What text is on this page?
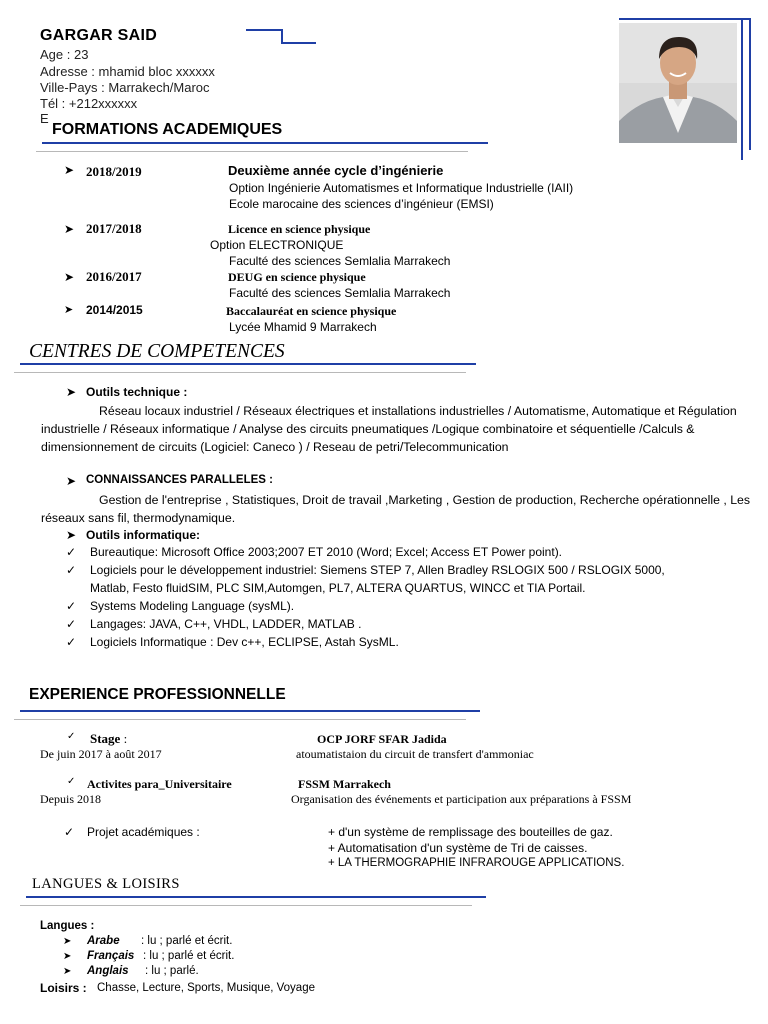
GARGAR SAID
Age : 23
Adresse : mhamid bloc xxxxxx
Ville-Pays : Marrakech/Maroc
Tél : +212xxxxxx
E
FORMATIONS ACADEMIQUES
➤ 2018/2019	Deuxième année cycle d’ingénierie
Option Ingénierie Automatismes et Informatique Industrielle (IAII)
Ecole marocaine des sciences d’ingénieur (EMSI)
➤ 2017/2018	Licence en science physique
Option ELECTRONIQUE
Faculté des sciences Semlalia Marrakech
➤ 2016/2017	DEUG en science physique
Faculté des sciences Semlalia Marrakech
➤ 2014/2015	Baccalauréat en science physique
Lycée Mhamid 9 Marrakech
CENTRES DE COMPETENCES
➤ Outils technique :
Réseau locaux industriel / Réseaux électriques et installations industrielles / Automatisme, Automatique et Régulation industrielle / Réseaux informatique / Analyse des circuits pneumatiques /Logique combinatoire et séquentielle /Calculs & dimensionnement de circuits (Logiciel: Caneco ) / Reseau de petri/Telecommunication
➤ CONNAISSANCES PARALLELES :
Gestion de l'entreprise , Statistiques, Droit de travail ,Marketing , Gestion de production, Recherche opérationnelle , Les réseaux sans fil, thermodynamique.
➤ Outils informatique:
✓ Bureautique: Microsoft Office 2003;2007 ET 2010 (Word; Excel; Access ET Power point).
✓ Logiciels pour le développement industriel: Siemens STEP 7, Allen Bradley RSLOGIX 500 / RSLOGIX 5000,
Matlab, Festo fluidSIM, PLC SIM,Automgen, PL7, ALTERA QUARTUS, WINCC et TIA Portail.
✓ Systems Modeling Language (sysML).
✓ Langages: JAVA, C++, VHDL, LADDER, MATLAB .
✓ Logiciels Informatique : Dev c++, ECLIPSE, Astah SysML.
EXPERIENCE PROFESSIONNELLE
✓ Stage :	OCP JORF SFAR Jadida
De juin 2017 à août 2017	atoumatistaion du circuit de transfert d'ammoniac
✓ Activites para_Universitaire	FSSM Marrakech
Depuis 2018	Organisation des événements et participation aux préparations à FSSM
✓ Projet académiques :	+ d'un système de remplissage des bouteilles de gaz.
+ Automatisation d'un système de Tri de caisses.
+ LA THERMOGRAPHIE INFRAROUGE APPLICATIONS.
LANGUES & LOISIRS
Langues :
➤ Arabe : lu ; parlé et écrit.
➤ Français : lu ; parlé et écrit.
➤ Anglais : lu ; parlé.
Loisirs : Chasse, Lecture, Sports, Musique, Voyage
